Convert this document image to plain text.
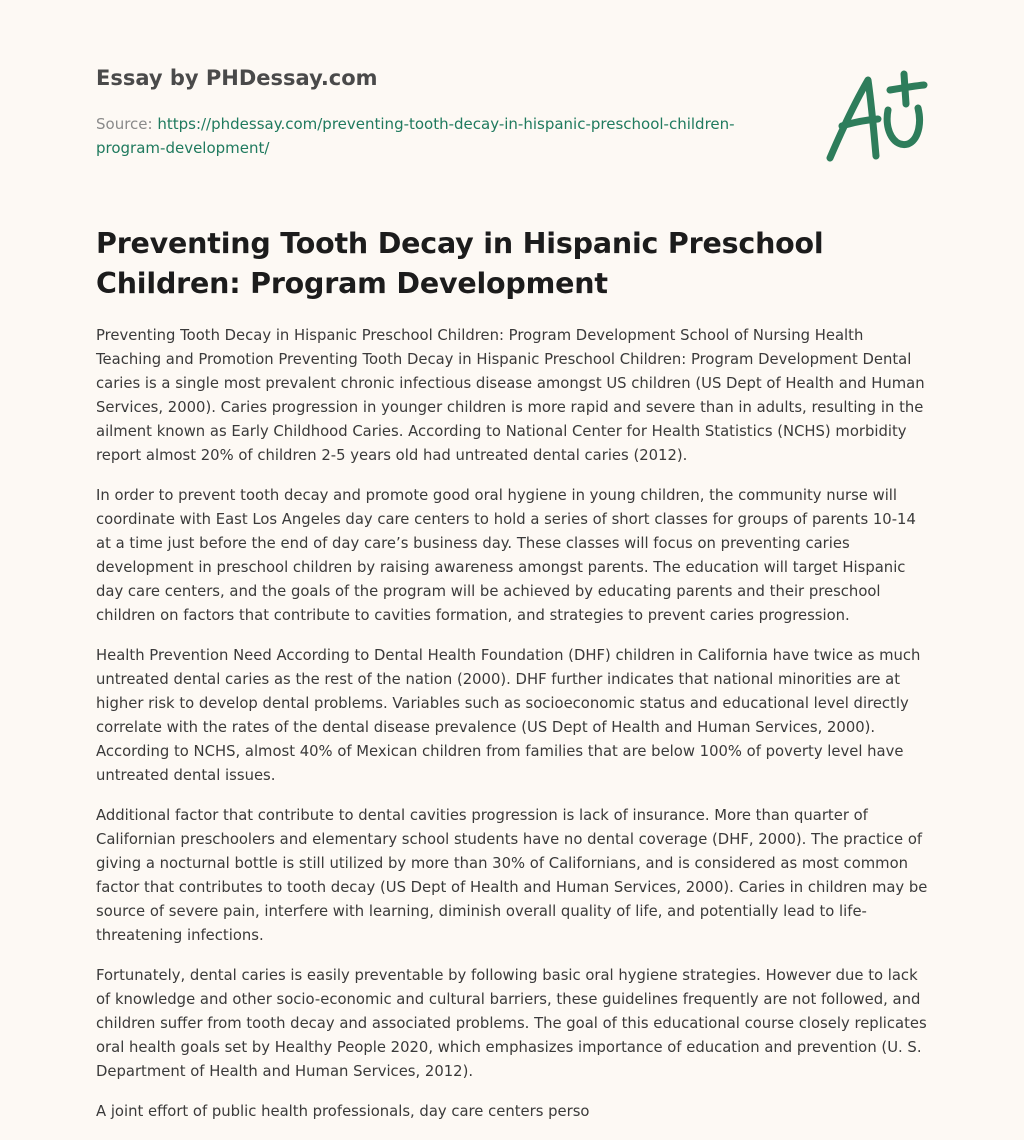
Essay by PHDessay.com
Source: https://phdessay.com/preventing-tooth-decay-in-hispanic-preschool-children-program-development/
Preventing Tooth Decay in Hispanic Preschool Children: Program Development

Preventing Tooth Decay in Hispanic Preschool Children: Program Development School of Nursing Health Teaching and Promotion Preventing Tooth Decay in Hispanic Preschool Children: Program Development Dental caries is a single most prevalent chronic infectious disease amongst US children (US Dept of Health and Human Services, 2000). Caries progression in younger children is more rapid and severe than in adults, resulting in the ailment known as Early Childhood Caries. According to National Center for Health Statistics (NCHS) morbidity report almost 20% of children 2-5 years old had untreated dental caries (2012).

In order to prevent tooth decay and promote good oral hygiene in young children, the community nurse will coordinate with East Los Angeles day care centers to hold a series of short classes for groups of parents 10-14 at a time just before the end of day care’s business day. These classes will focus on preventing caries development in preschool children by raising awareness amongst parents. The education will target Hispanic day care centers, and the goals of the program will be achieved by educating parents and their preschool children on factors that contribute to cavities formation, and strategies to prevent caries progression.

Health Prevention Need According to Dental Health Foundation (DHF) children in California have twice as much untreated dental caries as the rest of the nation (2000). DHF further indicates that national minorities are at higher risk to develop dental problems. Variables such as socioeconomic status and educational level directly correlate with the rates of the dental disease prevalence (US Dept of Health and Human Services, 2000). According to NCHS, almost 40% of Mexican children from families that are below 100% of poverty level have untreated dental issues.

Additional factor that contribute to dental cavities progression is lack of insurance. More than quarter of Californian preschoolers and elementary school students have no dental coverage (DHF, 2000). The practice of giving a nocturnal bottle is still utilized by more than 30% of Californians, and is considered as most common factor that contributes to tooth decay (US Dept of Health and Human Services, 2000). Caries in children may be source of severe pain, interfere with learning, diminish overall quality of life, and potentially lead to life-threatening infections.

Fortunately, dental caries is easily preventable by following basic oral hygiene strategies. However due to lack of knowledge and other socio-economic and cultural barriers, these guidelines frequently are not followed, and children suffer from tooth decay and associated problems. The goal of this educational course closely replicates oral health goals set by Healthy People 2020, which emphasizes importance of education and prevention (U. S. Department of Health and Human Services, 2012).

A joint effort of public health professionals, day care centers perso
